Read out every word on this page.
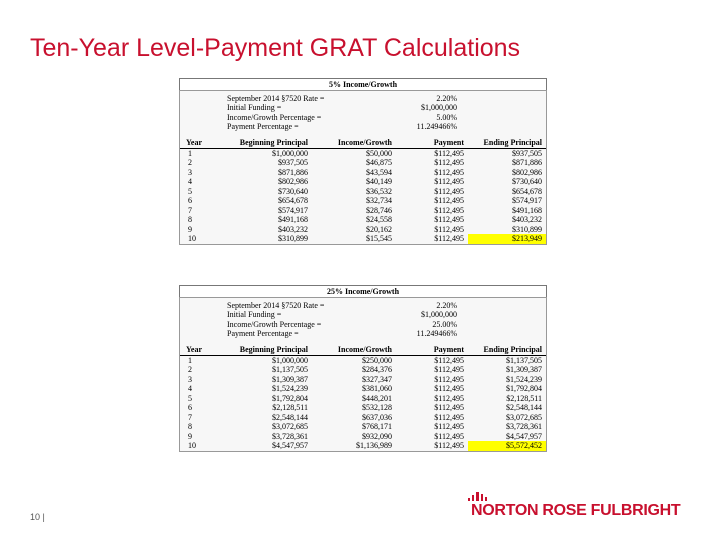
Ten-Year Level-Payment GRAT Calculations
5% Income/Growth
September 2014 §7520 Rate =	2.20%
Initial Funding =	$1,000,000
Income/Growth Percentage =	5.00%
Payment Percentage =	11.249466%
Year	Beginning Principal	Income/Growth	Payment	Ending Principal
1	$1,000,000	$50,000	$112,495	$937,505
2	$937,505	$46,875	$112,495	$871,886
3	$871,886	$43,594	$112,495	$802,986
4	$802,986	$40,149	$112,495	$730,640
5	$730,640	$36,532	$112,495	$654,678
6	$654,678	$32,734	$112,495	$574,917
7	$574,917	$28,746	$112,495	$491,168
8	$491,168	$24,558	$112,495	$403,232
9	$403,232	$20,162	$112,495	$310,899
10	$310,899	$15,545	$112,495	$213,949
25% Income/Growth
September 2014 §7520 Rate =	2.20%
Initial Funding =	$1,000,000
Income/Growth Percentage =	25.00%
Payment Percentage =	11.249466%
Year	Beginning Principal	Income/Growth	Payment	Ending Principal
1	$1,000,000	$250,000	$112,495	$1,137,505
2	$1,137,505	$284,376	$112,495	$1,309,387
3	$1,309,387	$327,347	$112,495	$1,524,239
4	$1,524,239	$381,060	$112,495	$1,792,804
5	$1,792,804	$448,201	$112,495	$2,128,511
6	$2,128,511	$532,128	$112,495	$2,548,144
7	$2,548,144	$637,036	$112,495	$3,072,685
8	$3,072,685	$768,171	$112,495	$3,728,361
9	$3,728,361	$932,090	$112,495	$4,547,957
10	$4,547,957	$1,136,989	$112,495	$5,572,452
10 |	NORTON ROSE FULBRIGHT
